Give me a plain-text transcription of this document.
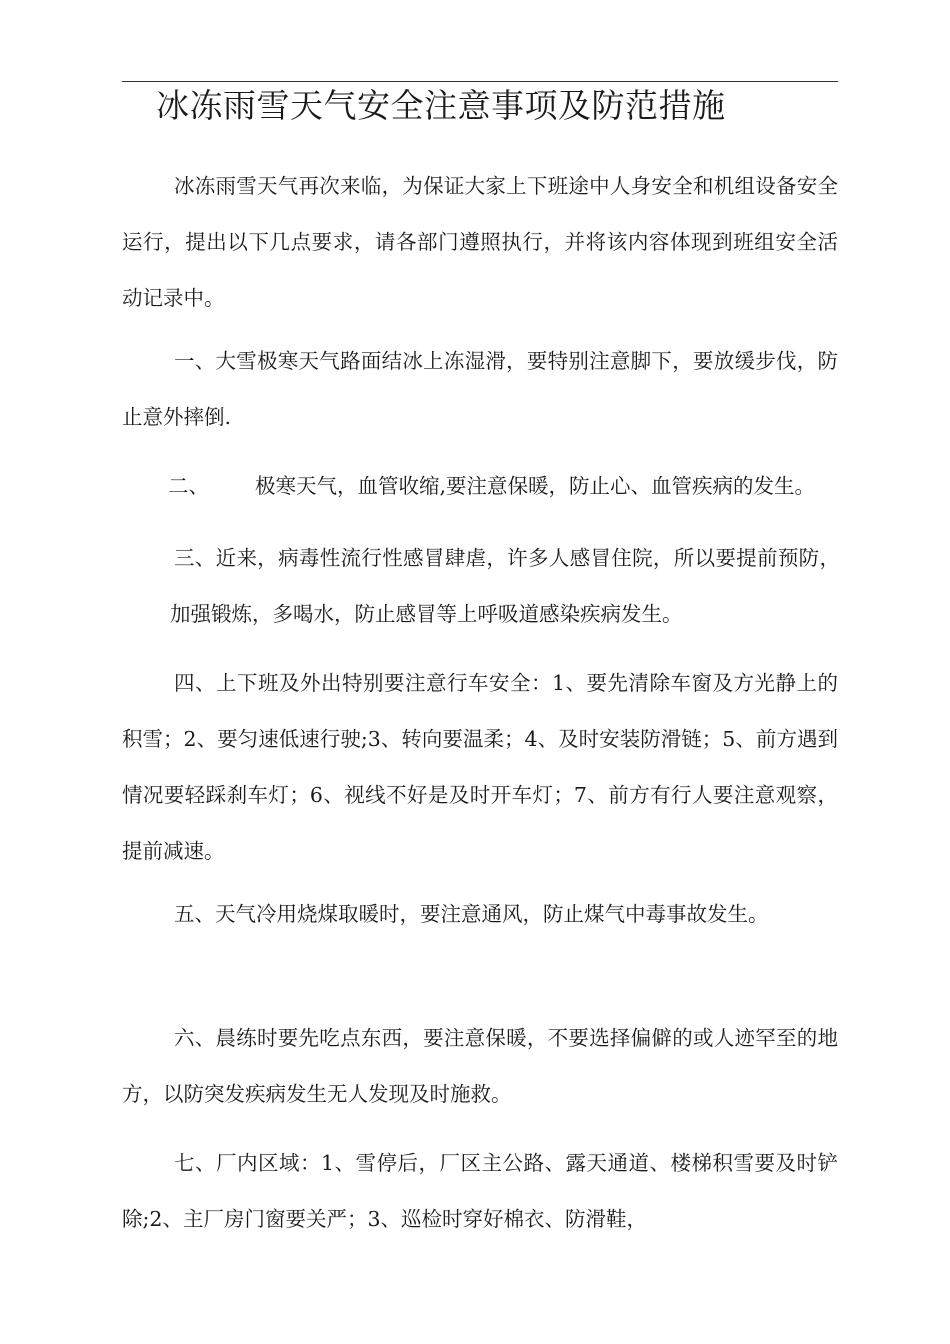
冰冻雨雪天气安全注意事项及防范措施

冰冻雨雪天气再次来临，为保证大家上下班途中人身安全和机组设备安全运行，提出以下几点要求，请各部门遵照执行，并将该内容体现到班组安全活动记录中。

一、大雪极寒天气路面结冰上冻湿滑，要特别注意脚下，要放缓步伐，防止意外摔倒.

二、 极寒天气，血管收缩,要注意保暖，防止心、血管疾病的发生。

三、近来，病毒性流行性感冒肆虐，许多人感冒住院，所以要提前预防，加强锻炼，多喝水，防止感冒等上呼吸道感染疾病发生。

四、上下班及外出特别要注意行车安全：1、要先清除车窗及方光静上的积雪；2、要匀速低速行驶;3、转向要温柔；4、及时安装防滑链；5、前方遇到情况要轻踩刹车灯；6、视线不好是及时开车灯；7、前方有行人要注意观察，提前减速。

五、天气冷用烧煤取暖时，要注意通风，防止煤气中毒事故发生。

六、晨练时要先吃点东西，要注意保暖，不要选择偏僻的或人迹罕至的地方，以防突发疾病发生无人发现及时施救。

七、厂内区域：1、雪停后，厂区主公路、露天通道、楼梯积雪要及时铲除;2、主厂房门窗要关严；3、巡检时穿好棉衣、防滑鞋，
